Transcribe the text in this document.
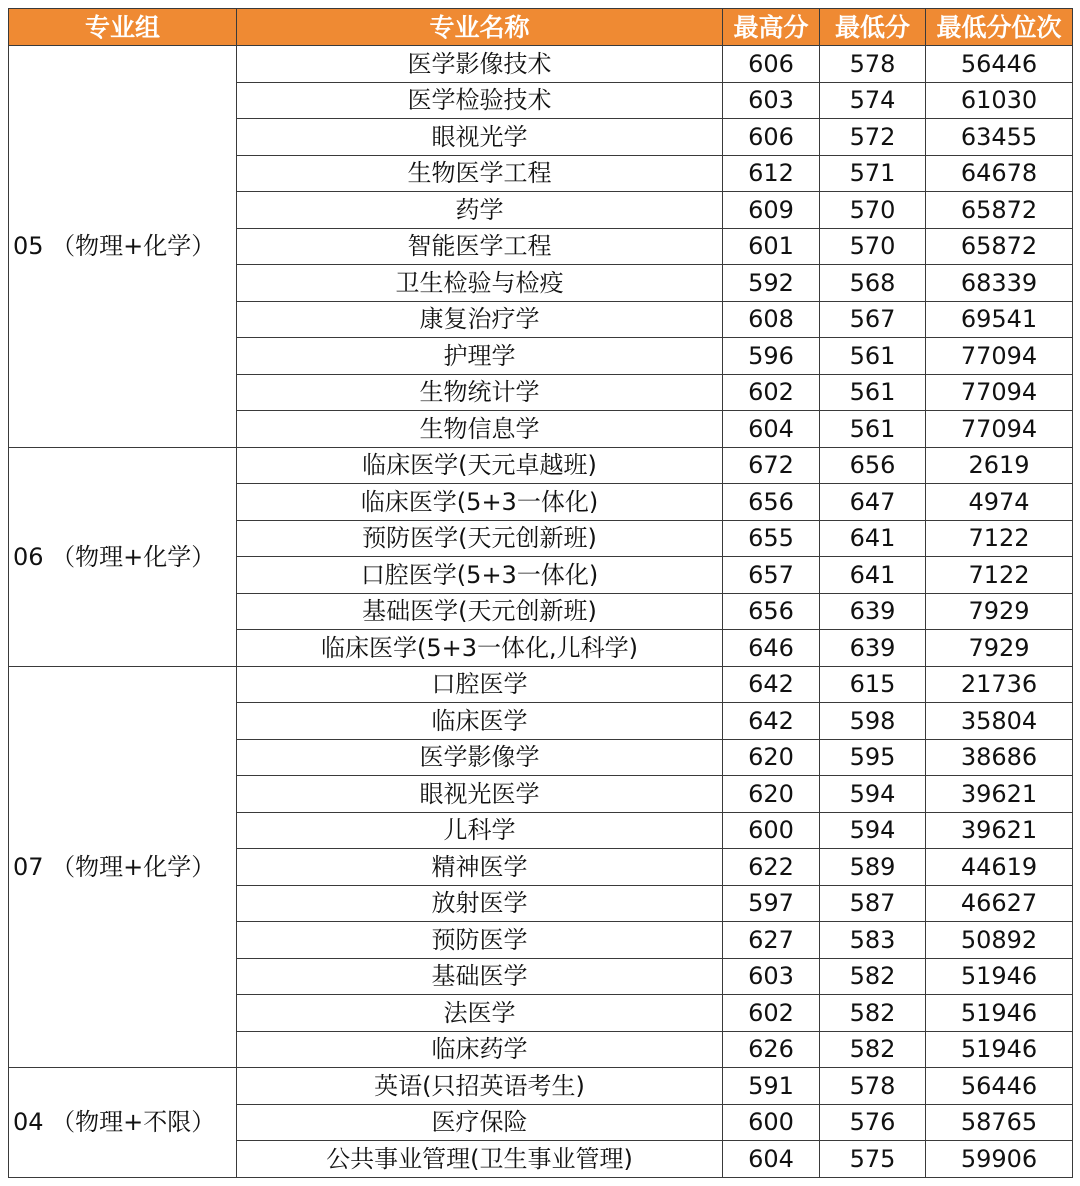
专业组	专业名称	最高分	最低分	最低分位次
05 （物理+化学）	医学影像技术	606	578	56446
	医学检验技术	603	574	61030
	眼视光学	606	572	63455
	生物医学工程	612	571	64678
	药学	609	570	65872
	智能医学工程	601	570	65872
	卫生检验与检疫	592	568	68339
	康复治疗学	608	567	69541
	护理学	596	561	77094
	生物统计学	602	561	77094
	生物信息学	604	561	77094
06 （物理+化学）	临床医学(天元卓越班)	672	656	2619
	临床医学(5+3一体化)	656	647	4974
	预防医学(天元创新班)	655	641	7122
	口腔医学(5+3一体化)	657	641	7122
	基础医学(天元创新班)	656	639	7929
	临床医学(5+3一体化,儿科学)	646	639	7929
07 （物理+化学）	口腔医学	642	615	21736
	临床医学	642	598	35804
	医学影像学	620	595	38686
	眼视光医学	620	594	39621
	儿科学	600	594	39621
	精神医学	622	589	44619
	放射医学	597	587	46627
	预防医学	627	583	50892
	基础医学	603	582	51946
	法医学	602	582	51946
	临床药学	626	582	51946
04 （物理+不限）	英语(只招英语考生)	591	578	56446
	医疗保险	600	576	58765
	公共事业管理(卫生事业管理)	604	575	59906
